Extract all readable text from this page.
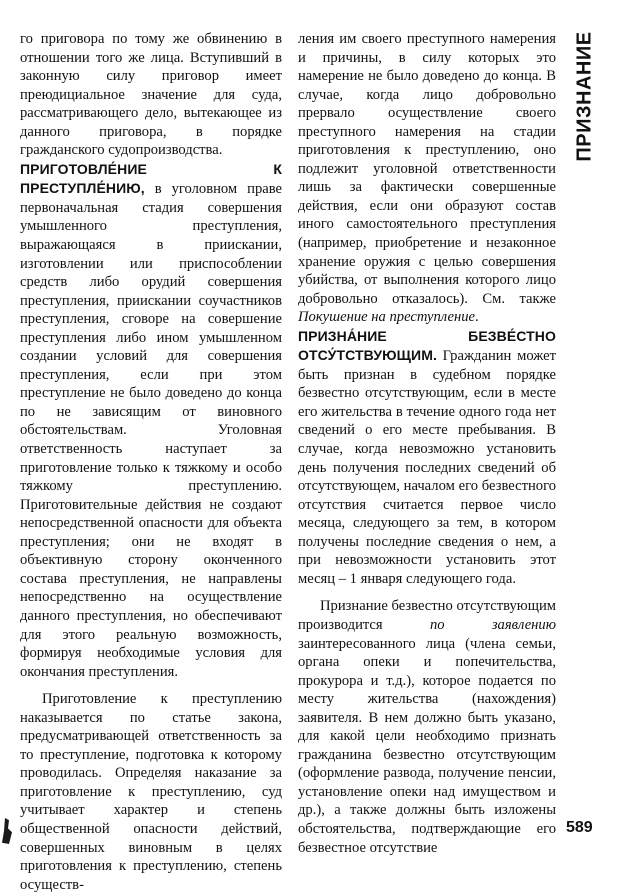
го приговора по тому же обвинению в отношении того же лица. Вступивший в законную силу приговор имеет преюдициальное значение для суда, рассматривающего дело, вытекающее из данного приговора, в порядке гражданского судопроизводства.

ПРИГОТОВЛЕ́НИЕ К ПРЕСТУПЛЕ́НИЮ, в уголовном праве первоначальная стадия совершения умышленного преступления, выражающаяся в приискании, изготовлении или приспособлении средств либо орудий совершения преступления, приискании соучастников преступления, сговоре на совершение преступления либо ином умышленном создании условий для совершения преступления, если при этом преступление не было доведено до конца по не зависящим от виновного обстоятельствам. Уголовная ответственность наступает за приготовление только к тяжкому и особо тяжкому преступлению. Приготовительные действия не создают непосредственной опасности для объекта преступления; они не входят в объективную сторону оконченного состава преступления, не направлены непосредственно на осуществление данного преступления, но обеспечивают для этого реальную возможность, формируя необходимые условия для окончания преступления.

Приготовление к преступлению наказывается по статье закона, предусматривающей ответственность за то преступление, подготовка к которому проводилась. Определяя наказание за приготовление к преступлению, суд учитывает характер и степень общественной опасности действий, совершенных виновным в целях приготовления к преступлению, степень осуществ-

ления им своего преступного намерения и причины, в силу которых это намерение не было доведено до конца. В случае, когда лицо добровольно прервало осуществление своего преступного намерения на стадии приготовления к преступлению, оно подлежит уголовной ответственности лишь за фактически совершенные действия, если они образуют состав иного самостоятельного преступления (например, приобретение и незаконное хранение оружия с целью совершения убийства, от выполнения которого лицо добровольно отказалось). См. также Покушение на преступление.

ПРИЗНА́НИЕ БЕЗВЕ́СТНО ОТСУ́ТСТВУЮЩИМ. Гражданин может быть признан в судебном порядке безвестно отсутствующим, если в месте его жительства в течение одного года нет сведений о его месте пребывания. В случае, когда невозможно установить день получения последних сведений об отсутствующем, началом его безвестного отсутствия считается первое число месяца, следующего за тем, в котором получены последние сведения о нем, а при невозможности установить этот месяц – 1 января следующего года.

Признание безвестно отсутствующим производится по заявлению заинтересованного лица (члена семьи, органа опеки и попечительства, прокурора и т.д.), которое подается по месту жительства (нахождения) заявителя. В нем должно быть указано, для какой цели необходимо признать гражданина безвестно отсутствующим (оформление развода, получение пенсии, установление опеки над имуществом и др.), а также должны быть изложены обстоятельства, подтверждающие его безвестное отсутствие

ПРИЗНАНИЕ
589
